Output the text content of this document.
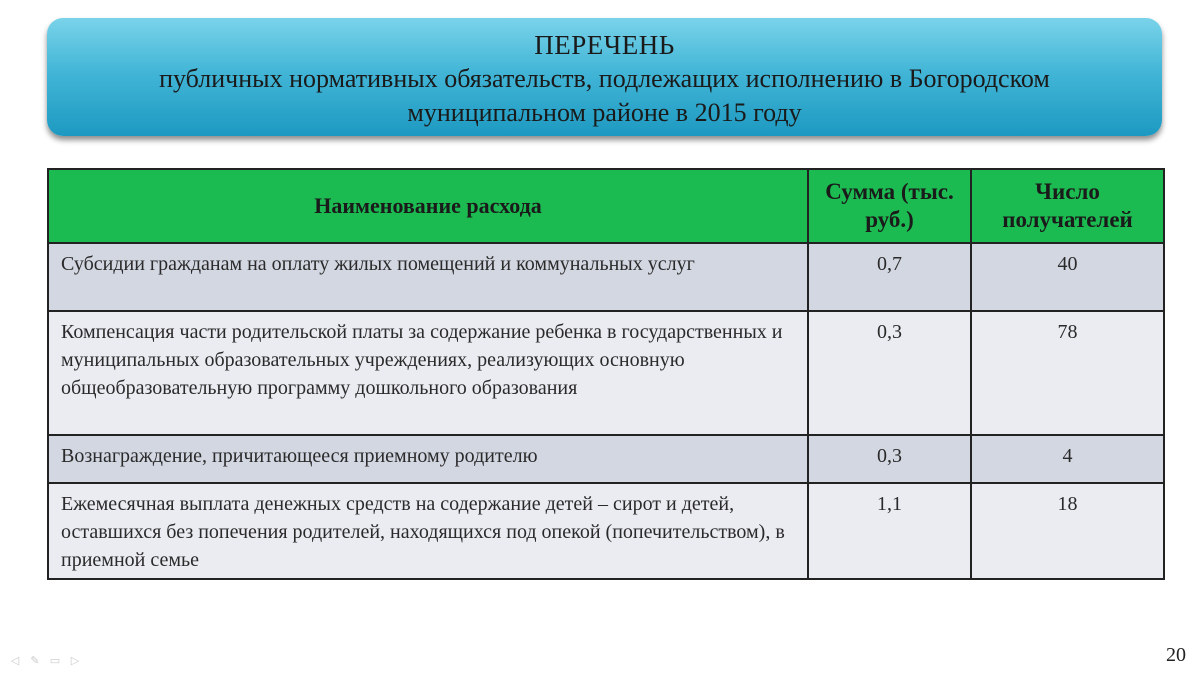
ПЕРЕЧЕНЬ
публичных нормативных обязательств, подлежащих исполнению в Богородском
муниципальном районе в 2015 году
Наименование расхода	Сумма (тыс. руб.)	Число получателей
Субсидии гражданам на оплату жилых помещений и коммунальных услуг	0,7	40
Компенсация части родительской платы за содержание ребенка в государственных и муниципальных образовательных учреждениях, реализующих основную общеобразовательную программу дошкольного образования	0,3	78
Вознаграждение, причитающееся приемному родителю	0,3	4
Ежемесячная выплата денежных средств на содержание детей – сирот и детей, оставшихся без попечения родителей, находящихся под опекой (попечительством), в приемной семье	1,1	18
◁ ✎ ▭ ▷	20
